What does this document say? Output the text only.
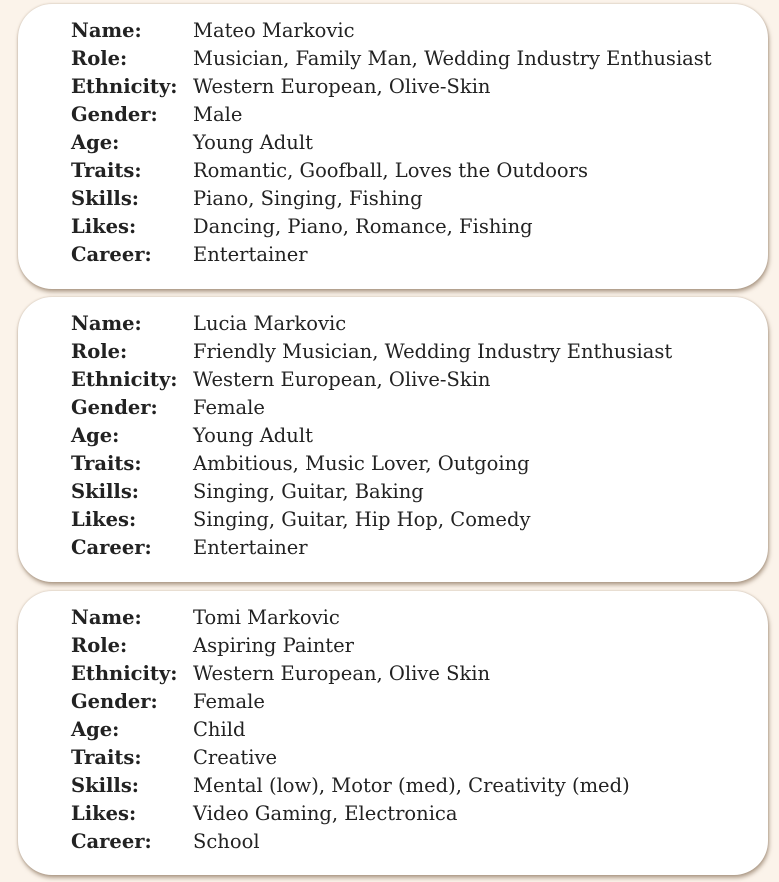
Name:	Mateo Markovic
Role:	Musician, Family Man, Wedding Industry Enthusiast
Ethnicity: Western European, Olive-Skin
Gender: Male
Age:	Young Adult
Traits:	Romantic, Goofball, Loves the Outdoors
Skills:	Piano, Singing, Fishing
Likes:	Dancing, Piano, Romance, Fishing
Career: Entertainer
Name:	Lucia Markovic
Role:	Friendly Musician, Wedding Industry Enthusiast
Ethnicity: Western European, Olive-Skin
Gender: Female
Age:	Young Adult
Traits:	Ambitious, Music Lover, Outgoing
Skills:	Singing, Guitar, Baking
Likes:	Singing, Guitar, Hip Hop, Comedy
Career: Entertainer
Name:	Tomi Markovic
Role:	Aspiring Painter
Ethnicity: Western European, Olive Skin
Gender: Female
Age:	Child
Traits:	Creative
Skills:	Mental (low), Motor (med), Creativity (med)
Likes:	Video Gaming, Electronica
Career: School
